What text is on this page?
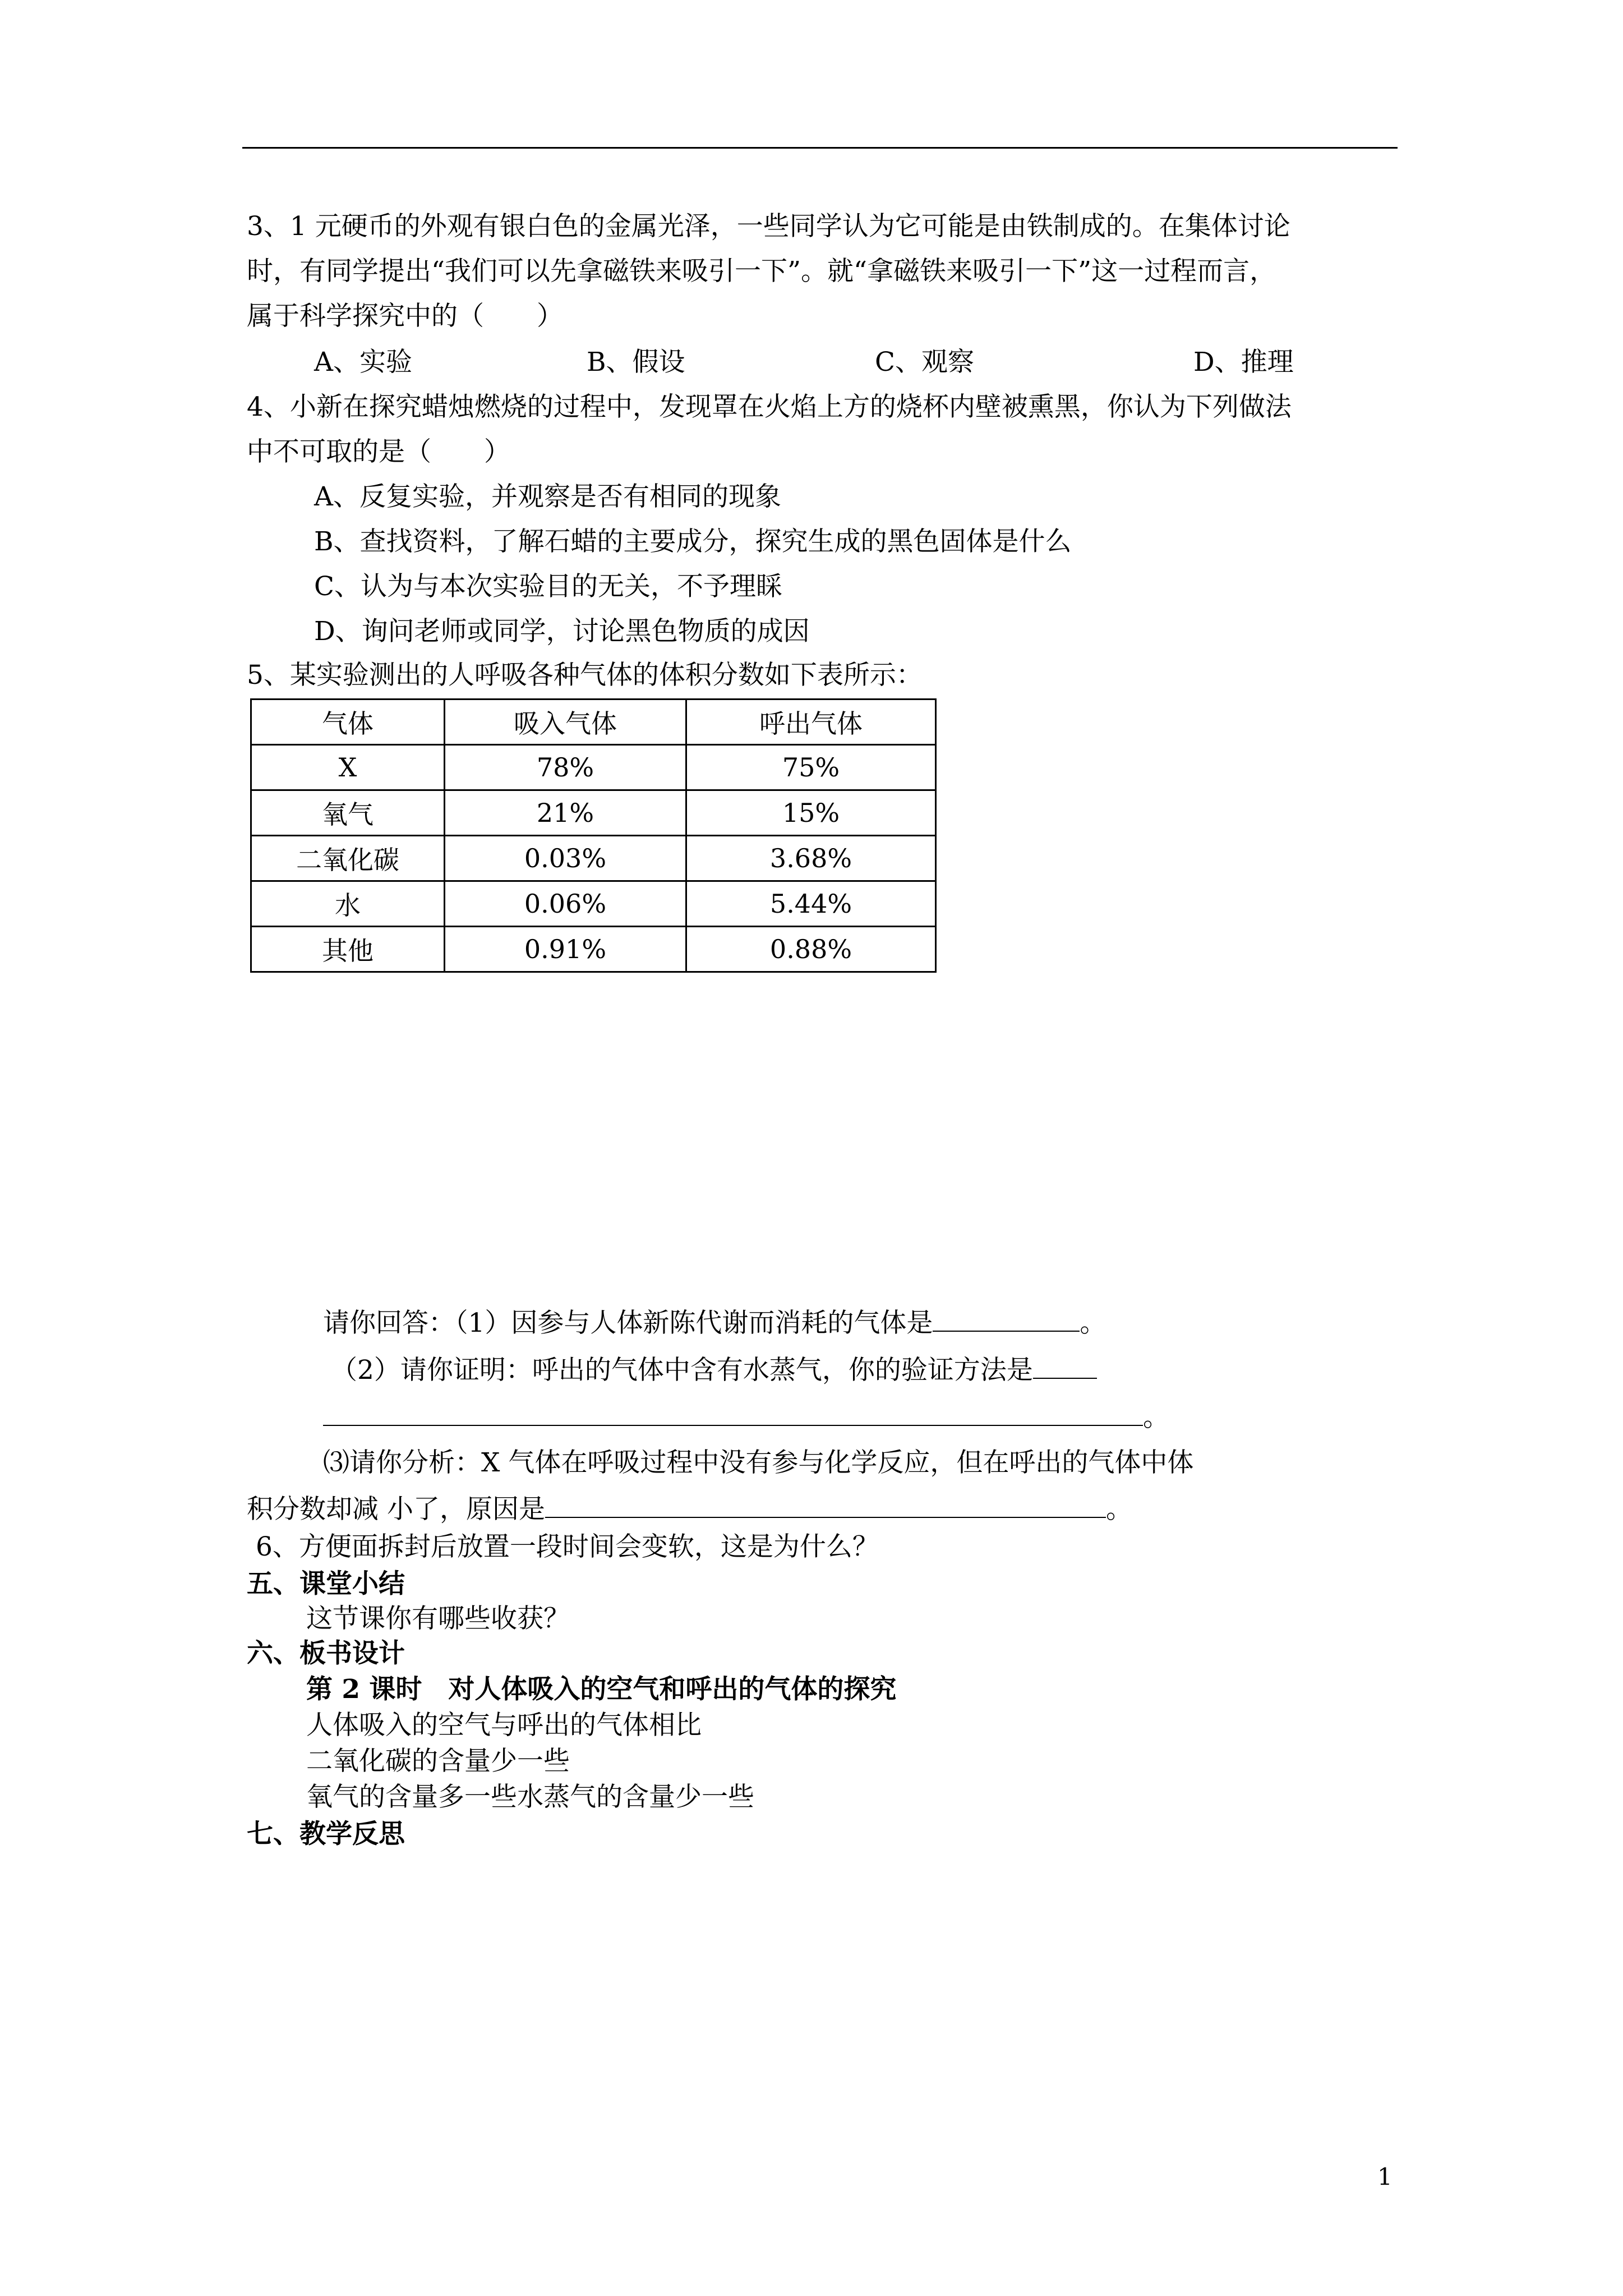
3、1 元硬币的外观有银白色的金属光泽，一些同学认为它可能是由铁制成的。在集体讨论
时，有同学提出“我们可以先拿磁铁来吸引一下”。就“拿磁铁来吸引一下”这一过程而言，
属于科学探究中的（　　）
A、实验	B、假设	C、观察	D、推理
4、小新在探究蜡烛燃烧的过程中，发现罩在火焰上方的烧杯内壁被熏黑，你认为下列做法
中不可取的是（　　）
A、反复实验，并观察是否有相同的现象
B、查找资料，了解石蜡的主要成分，探究生成的黑色固体是什么
C、认为与本次实验目的无关，不予理睬
D、询问老师或同学，讨论黑色物质的成因
5、某实验测出的人呼吸各种气体的体积分数如下表所示：
气体	吸入气体	呼出气体
X	78%	75%
氧气	21%	15%
二氧化碳	0.03%	3.68%
水	0.06%	5.44%
其他	0.91%	0.88%
请你回答：（1）因参与人体新陈代谢而消耗的气体是	。
（2）请你证明：呼出的气体中含有水蒸气，你的验证方法是
。
⑶请你分析：X 气体在呼吸过程中没有参与化学反应，但在呼出的气体中体
积分数却减 小了，原因是	。
6、方便面拆封后放置一段时间会变软，这是为什么？
五、课堂小结
这节课你有哪些收获？
六、板书设计
第 2 课时　对人体吸入的空气和呼出的气体的探究
人体吸入的空气与呼出的气体相比
二氧化碳的含量少一些
氧气的含量多一些水蒸气的含量少一些
七、教学反思
1
